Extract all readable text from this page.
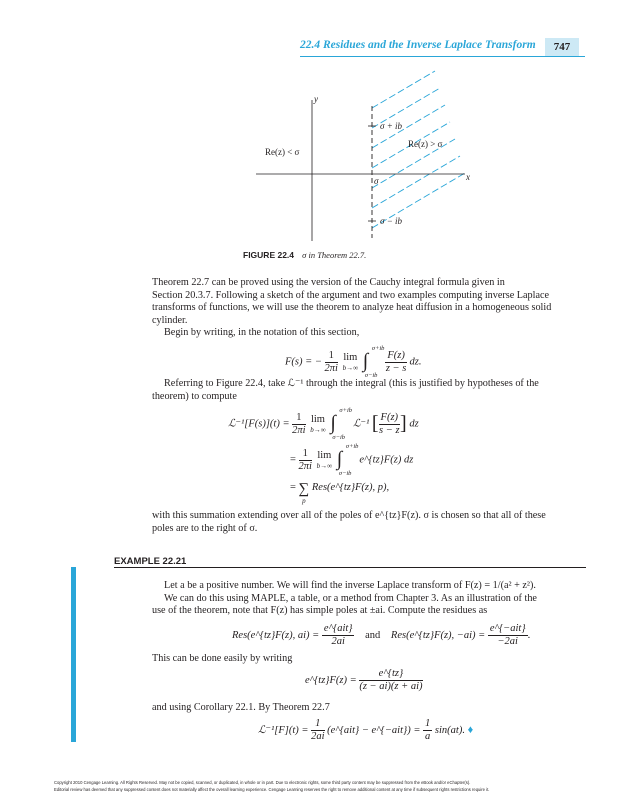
22.4 Residues and the Inverse Laplace Transform	747
y
x
σ + ib
Re(z) > σ
Re(z) < σ
σ
σ − ib
FIGURE 22.4 σ in Theorem 22.7.
Theorem 22.7 can be proved using the version of the Cauchy integral formula given in
Section 20.3.7. Following a sketch of the argument and two examples computing inverse Laplace
transforms of functions, we will use the theorem to analyze heat diffusion in a homogeneous solid
cylinder.
Begin by writing, in the notation of this section,
F(s) = − $\frac{1}{2\pi i}$
lim
b→∞
∫
σ+ib
σ−ib

$\frac{F(z)}{z - s}$ dz.
Referring to Figure 22.4, take ℒ⁻¹ through the integral (this is justified by hypotheses of the
theorem) to compute
ℒ⁻¹[F(s)](t) = $\frac{1}{2\pi i}$
lim
b→∞
∫
σ+ib
σ−ib
ℒ⁻¹ [ $\frac{F(z)}{s - z}$ ] dz
= $\frac{1}{2\pi i}$
lim
b→∞
∫
σ+ib
σ−ib
e^{tz}F(z) dz
= ∑
p
Res(e^{tz}F(z), p),
with this summation extending over all of the poles of e^{tz}F(z). σ is chosen so that all of these
poles are to the right of σ.
EXAMPLE 22.21
Let a be a positive number. We will find the inverse Laplace transform of F(z) = 1/(a² + z²).
We can do this using MAPLE, a table, or a method from Chapter 3. As an illustration of the
use of the theorem, note that F(z) has simple poles at ±ai. Compute the residues as
Res(e^{tz}F(z), $ai) = \frac{\text{e\textasciicircum{}\{ait\}}}{2ai}$ and Res(e^{tz}F(z), $-ai) = \frac{\text{e\textasciicircum{}\{−ait\}}}{-2ai}$ .
This can be done easily by writing
e^{tz}F(z) = $\frac{e\^{}\{tz\}}{(z - ai)(z + ai)}$
and using Corollary 22.1. By Theorem 22.7
ℒ⁻¹[F](t) = $\frac{1}{2ai}$ (e^{ait} − e^{−ait}) = $\frac{1}{a} \sin(at)$. ♦
Copyright 2010 Cengage Learning. All Rights Reserved. May not be copied, scanned, or duplicated, in whole or in part. Due to electronic rights, some third party content may be suppressed from the eBook and/or eChapter(s).
Editorial review has deemed that any suppressed content does not materially affect the overall learning experience. Cengage Learning reserves the right to remove additional content at any time if subsequent rights restrictions require it.
